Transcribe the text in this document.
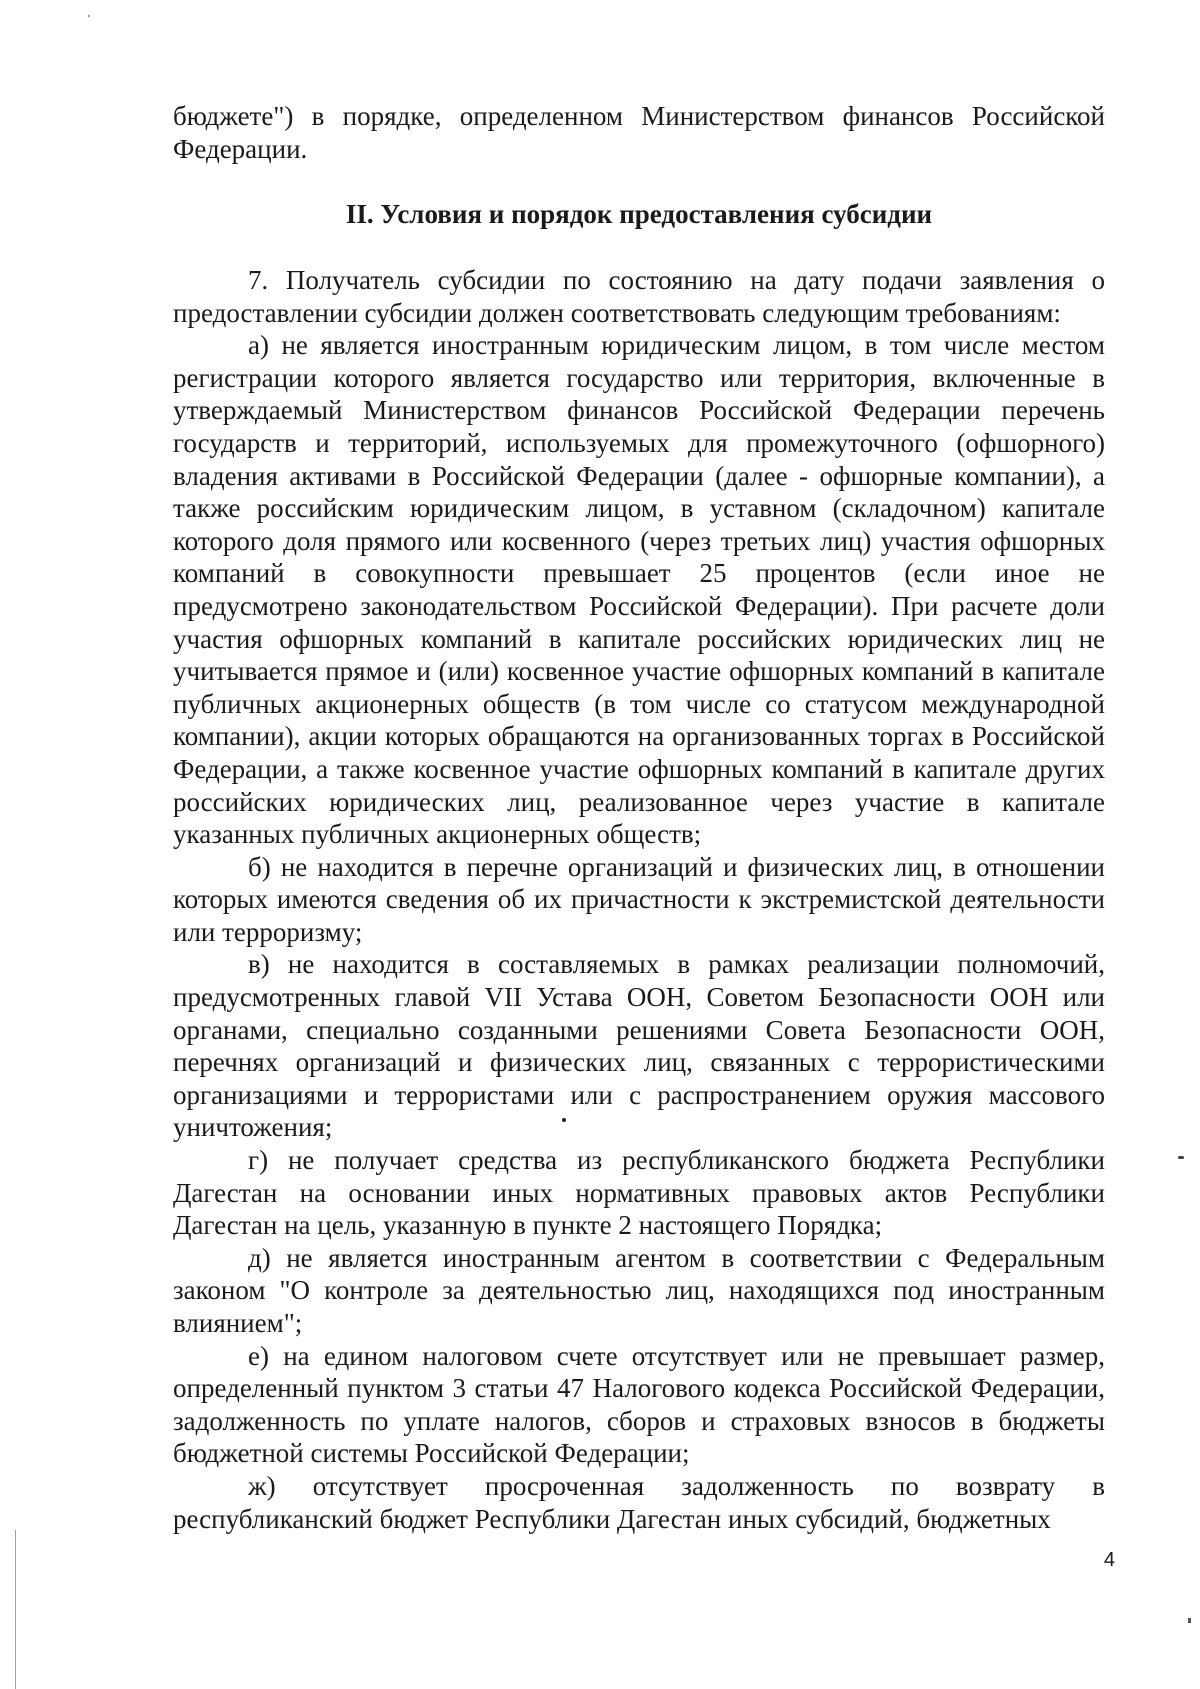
бюджете") в порядке, определенном Министерством финансов Российской Федерации.

II. Условия и порядок предоставления субсидии

7. Получатель субсидии по состоянию на дату подачи заявления о предоставлении субсидии должен соответствовать следующим требованиям:

а) не является иностранным юридическим лицом, в том числе местом регистрации которого является государство или территория, включенные в утверждаемый Министерством финансов Российской Федерации перечень государств и территорий, используемых для промежуточного (офшорного) владения активами в Российской Федерации (далее - офшорные компании), а также российским юридическим лицом, в уставном (складочном) капитале которого доля прямого или косвенного (через третьих лиц) участия офшорных компаний в совокупности превышает 25 процентов (если иное не предусмотрено законодательством Российской Федерации). При расчете доли участия офшорных компаний в капитале российских юридических лиц не учитывается прямое и (или) косвенное участие офшорных компаний в капитале публичных акционерных обществ (в том числе со статусом международной компании), акции которых обращаются на организованных торгах в Российской Федерации, а также косвенное участие офшорных компаний в капитале других российских юридических лиц, реализованное через участие в капитале указанных публичных акционерных обществ;

б) не находится в перечне организаций и физических лиц, в отношении которых имеются сведения об их причастности к экстремистской деятельности или терроризму;

в) не находится в составляемых в рамках реализации полномочий, предусмотренных главой VII Устава ООН, Советом Безопасности ООН или органами, специально созданными решениями Совета Безопасности ООН, перечнях организаций и физических лиц, связанных с террористическими организациями и террористами или с распространением оружия массового уничтожения;

г) не получает средства из республиканского бюджета Республики Дагестан на основании иных нормативных правовых актов Республики Дагестан на цель, указанную в пункте 2 настоящего Порядка;

д) не является иностранным агентом в соответствии с Федеральным законом "О контроле за деятельностью лиц, находящихся под иностранным влиянием";

е) на едином налоговом счете отсутствует или не превышает размер, определенный пунктом 3 статьи 47 Налогового кодекса Российской Федерации, задолженность по уплате налогов, сборов и страховых взносов в бюджеты бюджетной системы Российской Федерации;

ж) отсутствует просроченная задолженность по возврату в республиканский бюджет Республики Дагестан иных субсидий, бюджетных

4
